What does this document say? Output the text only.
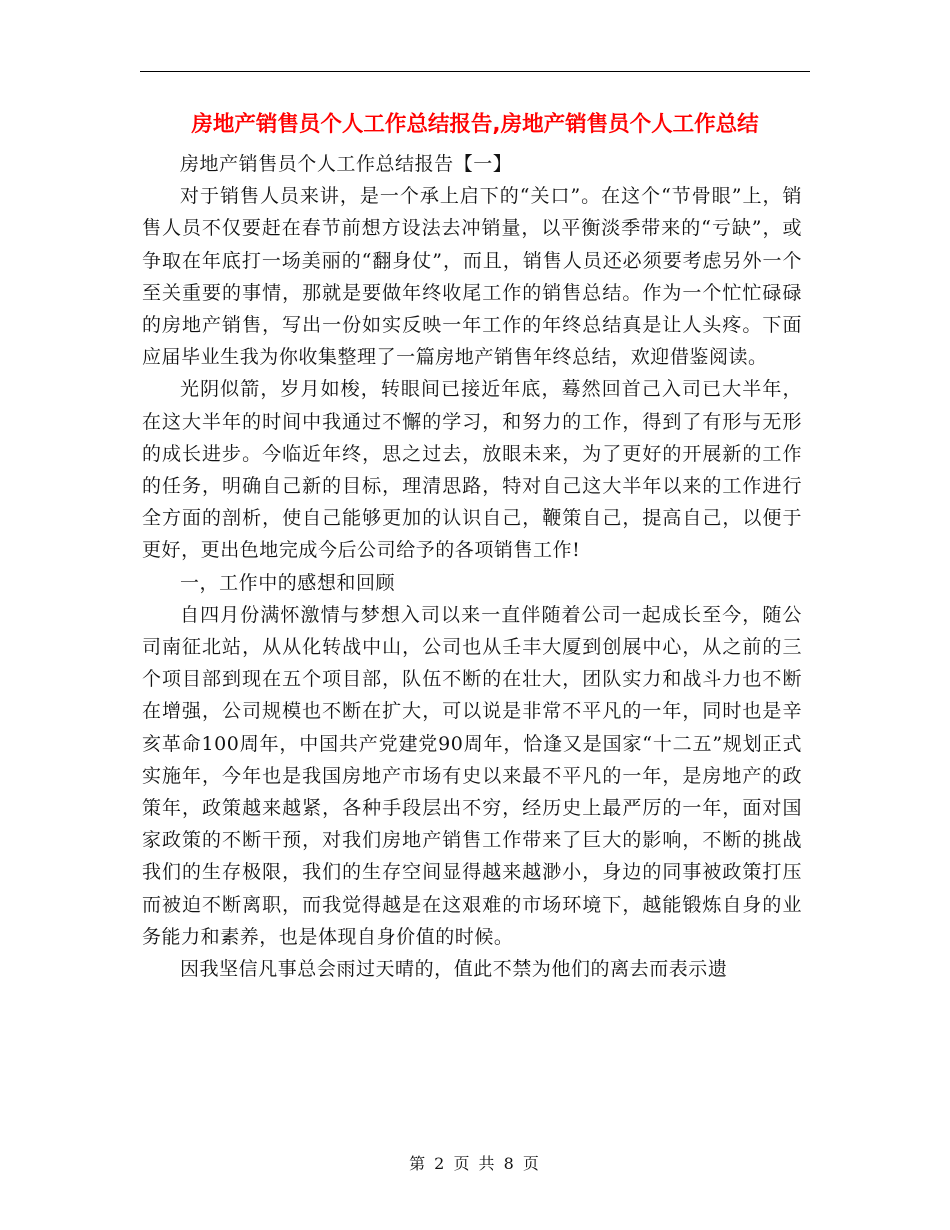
房地产销售员个人工作总结报告,房地产销售员个人工作总结

房地产销售员个人工作总结报告【一】

对于销售人员来讲，是一个承上启下的“关口”。在这个“节骨眼”上，销售人员不仅要赶在春节前想方设法去冲销量，以平衡淡季带来的“亏缺”，或争取在年底打一场美丽的“翻身仗”，而且，销售人员还必须要考虑另外一个至关重要的事情，那就是要做年终收尾工作的销售总结。作为一个忙忙碌碌的房地产销售，写出一份如实反映一年工作的年终总结真是让人头疼。下面应届毕业生我为你收集整理了一篇房地产销售年终总结，欢迎借鉴阅读。

光阴似箭，岁月如梭，转眼间已接近年底，蓦然回首己入司已大半年，在这大半年的时间中我通过不懈的学习，和努力的工作，得到了有形与无形的成长进步。今临近年终，思之过去，放眼未来，为了更好的开展新的工作的任务，明确自己新的目标，理清思路，特对自己这大半年以来的工作进行全方面的剖析，使自己能够更加的认识自己，鞭策自己，提高自己，以便于更好，更出色地完成今后公司给予的各项销售工作!

一，工作中的感想和回顾

自四月份满怀激情与梦想入司以来一直伴随着公司一起成长至今，随公司南征北站，从从化转战中山，公司也从壬丰大厦到创展中心，从之前的三个项目部到现在五个项目部，队伍不断的在壮大，团队实力和战斗力也不断在增强，公司规模也不断在扩大，可以说是非常不平凡的一年，同时也是辛亥革命100周年，中国共产党建党90周年，恰逢又是国家“十二五”规划正式实施年，今年也是我国房地产市场有史以来最不平凡的一年，是房地产的政策年，政策越来越紧，各种手段层出不穷，经历史上最严厉的一年，面对国家政策的不断干预，对我们房地产销售工作带来了巨大的影响，不断的挑战我们的生存极限，我们的生存空间显得越来越渺小，身边的同事被政策打压而被迫不断离职，而我觉得越是在这艰难的市场环境下，越能锻炼自身的业务能力和素养，也是体现自身价值的时候。

因我坚信凡事总会雨过天晴的，值此不禁为他们的离去而表示遗

第 2 页 共 8 页
